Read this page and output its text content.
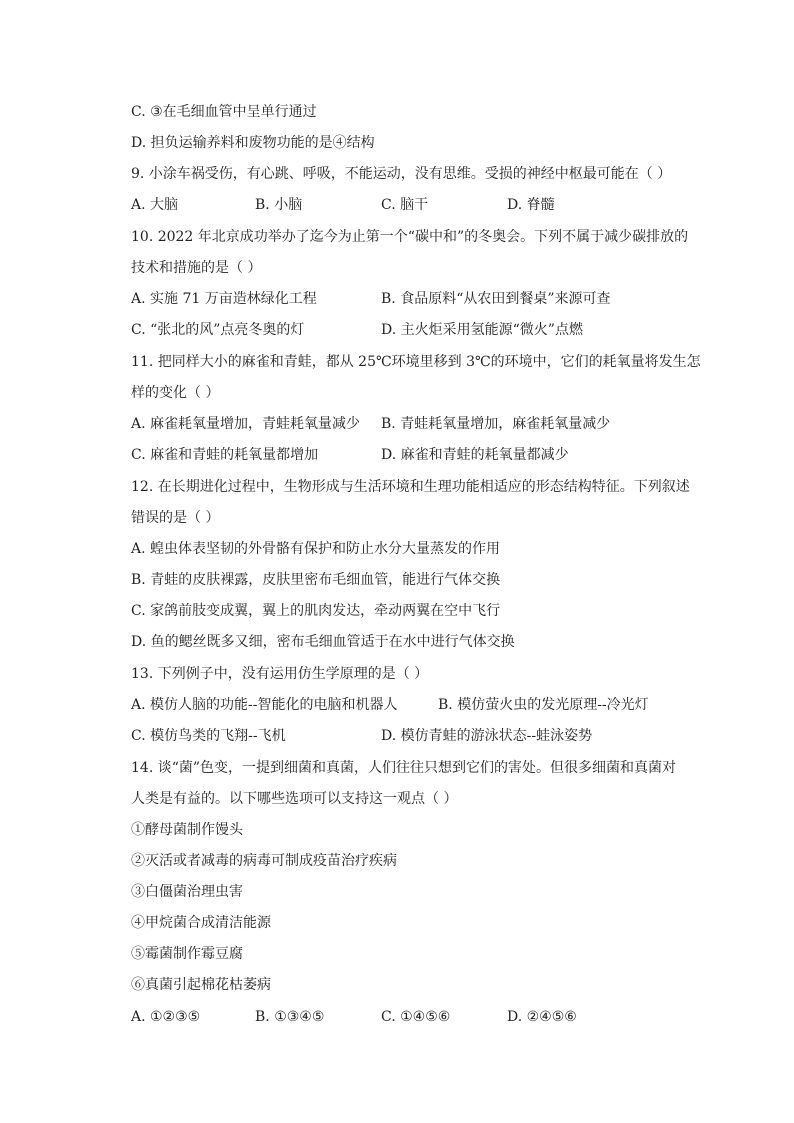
C. ③在毛细血管中呈单行通过
D. 担负运输养料和废物功能的是④结构
9. 小涂车祸受伤，有心跳、呼吸，不能运动，没有思维。受损的神经中枢最可能在（ ）
A. 大脑	B. 小脑	C. 脑干	D. 脊髓
10. 2022 年北京成功举办了迄今为止第一个“碳中和”的冬奥会。下列不属于减少碳排放的
技术和措施的是（ ）
A. 实施 71 万亩造林绿化工程	B. 食品原料“从农田到餐桌”来源可查
C. “张北的风”点亮冬奥的灯	D. 主火炬采用氢能源“微火”点燃
11. 把同样大小的麻雀和青蛙，都从 25℃环境里移到 3℃的环境中，它们的耗氧量将发生怎
样的变化（ ）
A. 麻雀耗氧量增加，青蛙耗氧量减少 B. 青蛙耗氧量增加，麻雀耗氧量减少
C. 麻雀和青蛙的耗氧量都增加	D. 麻雀和青蛙的耗氧量都减少
12. 在长期进化过程中，生物形成与生活环境和生理功能相适应的形态结构特征。下列叙述
错误的是（ ）
A. 蝗虫体表坚韧的外骨骼有保护和防止水分大量蒸发的作用
B. 青蛙的皮肤裸露，皮肤里密布毛细血管，能进行气体交换
C. 家鸽前肢变成翼，翼上的肌肉发达，牵动两翼在空中飞行
D. 鱼的鳃丝既多又细，密布毛细血管适于在水中进行气体交换
13. 下列例子中，没有运用仿生学原理的是（ ）
A. 模仿人脑的功能--智能化的电脑和机器人	B. 模仿萤火虫的发光原理--冷光灯
C. 模仿鸟类的飞翔--飞机	D. 模仿青蛙的游泳状态--蛙泳姿势
14. 谈“菌”色变，一提到细菌和真菌，人们往往只想到它们的害处。但很多细菌和真菌对
人类是有益的。以下哪些选项可以支持这一观点（ ）
①酵母菌制作馒头
②灭活或者减毒的病毒可制成疫苗治疗疾病
③白僵菌治理虫害
④甲烷菌合成清洁能源
⑤霉菌制作霉豆腐
⑥真菌引起棉花枯萎病
A. ①②③⑤	B. ①③④⑤	C. ①④⑤⑥	D. ②④⑤⑥
